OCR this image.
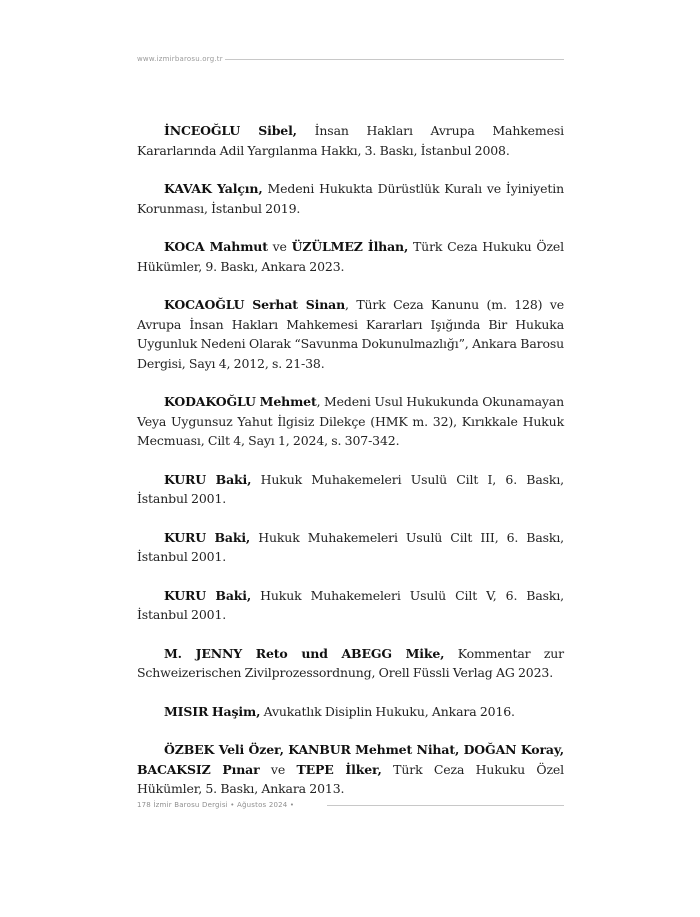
www.izmirbarosu.org.tr
İNCEOĞLU Sibel, İnsan Hakları Avrupa Mahkemesi Kararlarında Adil Yargılanma Hakkı, 3. Baskı, İstanbul 2008.
KAVAK Yalçın, Medeni Hukukta Dürüstlük Kuralı ve İyiniyetin Korunması, İstanbul 2019.
KOCA Mahmut ve ÜZÜLMEZ İlhan, Türk Ceza Hukuku Özel Hükümler, 9. Baskı, Ankara 2023.
KOCAOĞLU Serhat Sinan, Türk Ceza Kanunu (m. 128) ve Avrupa İnsan Hakları Mahkemesi Kararları Işığında Bir Hukuka Uygunluk Nedeni Olarak “Savunma Dokunulmazlığı”, Ankara Barosu Dergisi, Sayı 4, 2012, s. 21-38.
KODAKOĞLU Mehmet, Medeni Usul Hukukunda Okunamayan Veya Uygunsuz Yahut İlgisiz Dilekçe (HMK m. 32), Kırıkkale Hukuk Mecmuası, Cilt 4, Sayı 1, 2024, s. 307-342.
KURU Baki, Hukuk Muhakemeleri Usulü Cilt I, 6. Baskı, İstanbul 2001.
KURU Baki, Hukuk Muhakemeleri Usulü Cilt III, 6. Baskı, İstanbul 2001.
KURU Baki, Hukuk Muhakemeleri Usulü Cilt V, 6. Baskı, İstanbul 2001.
M. JENNY Reto und ABEGG Mike, Kommentar zur Schweizerischen Zivilprozessordnung, Orell Füssli Verlag AG 2023.
MISIR Haşim, Avukatlık Disiplin Hukuku, Ankara 2016.
ÖZBEK Veli Özer, KANBUR Mehmet Nihat, DOĞAN Koray, BACAKSIZ Pınar ve TEPE İlker, Türk Ceza Hukuku Özel Hükümler, 5. Baskı, Ankara 2013.
178 İzmir Barosu Dergisi • Ağustos 2024 •
